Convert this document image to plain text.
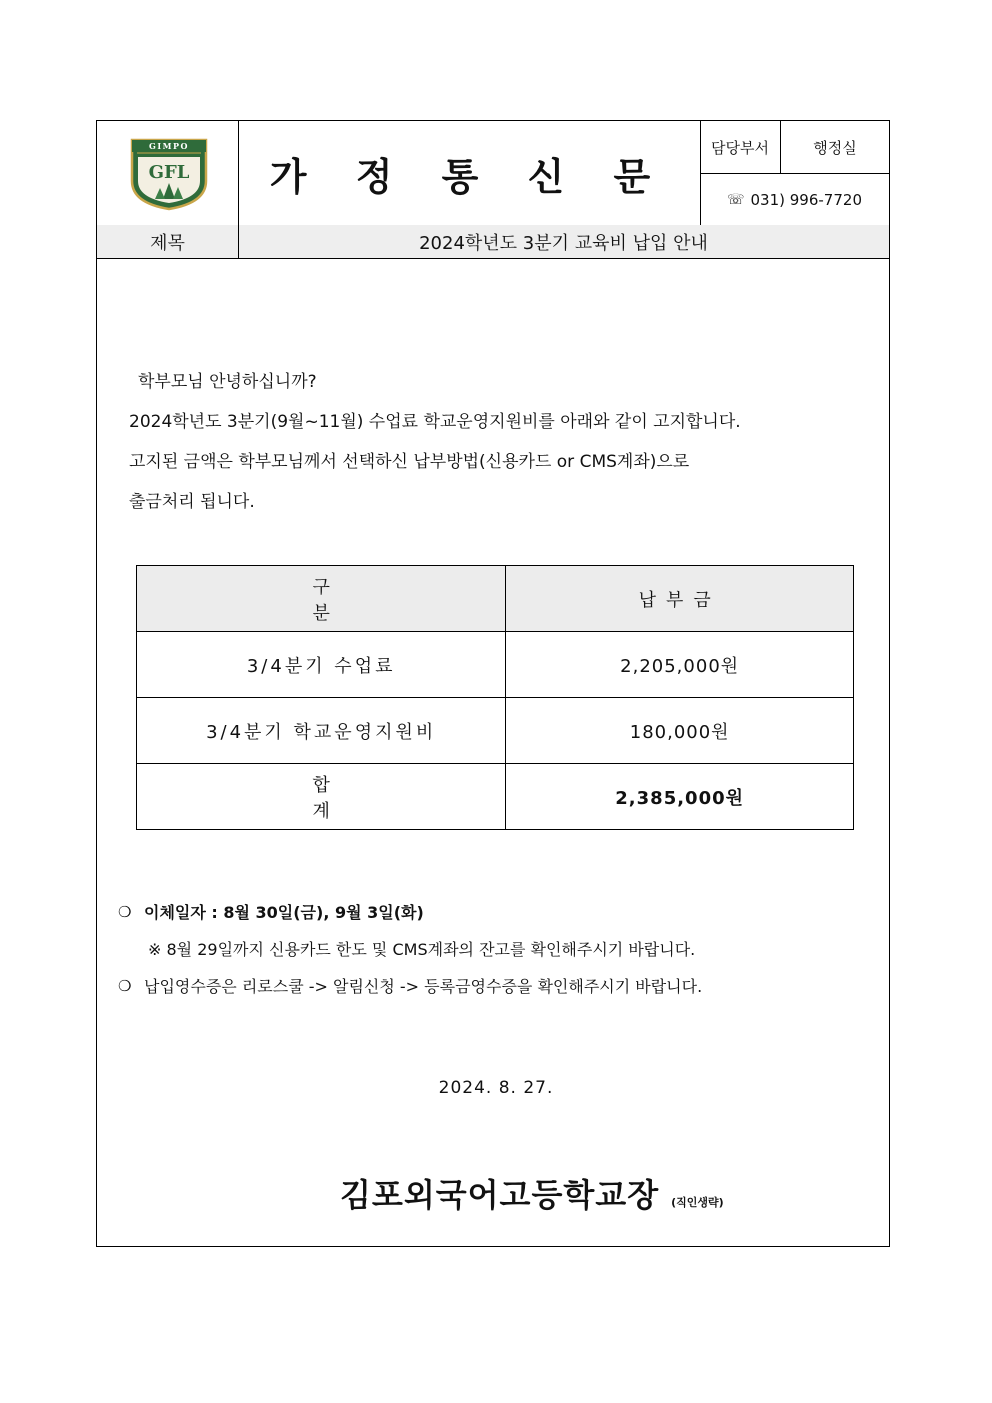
GIMPO
GFL	가 정 통 신 문
담당부서	행정실
☏ 031) 996-7720
제목	2024학년도 3분기 교육비 납입 안내
학부모님 안녕하십니까?
2024학년도 3분기(9월~11월) 수업료 학교운영지원비를 아래와 같이 고지합니다.
고지된 금액은 학부모님께서 선택하신 납부방법(신용카드 or CMS계좌)으로
출금처리 됩니다.
구분	납부금
3/4분기 수업료	2,205,000원
3/4분기 학교운영지원비	180,000원
합계	2,385,000원
❍ 이체일자 : 8월 30일(금), 9월 3일(화)
※ 8월 29일까지 신용카드 한도 및 CMS계좌의 잔고를 확인해주시기 바랍니다.
❍ 납입영수증은 리로스쿨 -> 알림신청 -> 등록금영수증을 확인해주시기 바랍니다.
2024. 8. 27.
김포외국어고등학교장 (직인생략)
